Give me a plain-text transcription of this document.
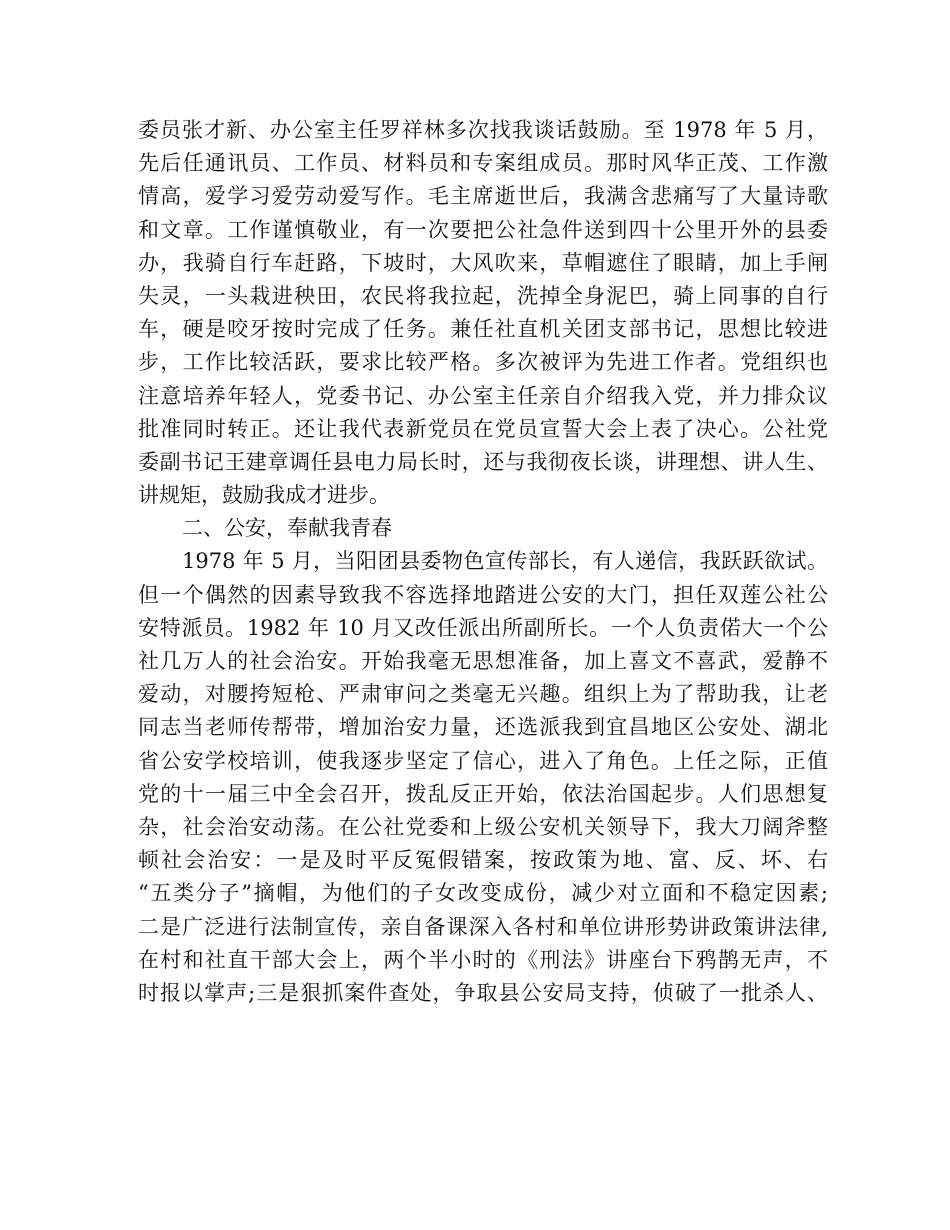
委员张才新、办公室主任罗祥林多次找我谈话鼓励。至 1978 年 5 月，
先后任通讯员、工作员、材料员和专案组成员。那时风华正茂、工作激
情高，爱学习爱劳动爱写作。毛主席逝世后，我满含悲痛写了大量诗歌
和文章。工作谨慎敬业，有一次要把公社急件送到四十公里开外的县委
办，我骑自行车赶路，下坡时，大风吹来，草帽遮住了眼睛，加上手闸
失灵，一头栽进秧田，农民将我拉起，洗掉全身泥巴，骑上同事的自行
车，硬是咬牙按时完成了任务。兼任社直机关团支部书记，思想比较进
步，工作比较活跃，要求比较严格。多次被评为先进工作者。党组织也
注意培养年轻人，党委书记、办公室主任亲自介绍我入党，并力排众议
批准同时转正。还让我代表新党员在党员宣誓大会上表了决心。公社党
委副书记王建章调任县电力局长时，还与我彻夜长谈，讲理想、讲人生、
讲规矩，鼓励我成才进步。
二、公安，奉献我青春
1978 年 5 月，当阳团县委物色宣传部长，有人递信，我跃跃欲试。
但一个偶然的因素导致我不容选择地踏进公安的大门，担任双莲公社公
安特派员。1982 年 10 月又改任派出所副所长。一个人负责偌大一个公
社几万人的社会治安。开始我毫无思想准备，加上喜文不喜武，爱静不
爱动，对腰挎短枪、严肃审问之类毫无兴趣。组织上为了帮助我，让老
同志当老师传帮带，增加治安力量，还选派我到宜昌地区公安处、湖北
省公安学校培训，使我逐步坚定了信心，进入了角色。上任之际，正值
党的十一届三中全会召开，拨乱反正开始，依法治国起步。人们思想复
杂，社会治安动荡。在公社党委和上级公安机关领导下，我大刀阔斧整
顿社会治安：一是及时平反冤假错案，按政策为地、富、反、坏、右
“五类分子”摘帽，为他们的子女改变成份，减少对立面和不稳定因素;
二是广泛进行法制宣传，亲自备课深入各村和单位讲形势讲政策讲法律,
在村和社直干部大会上，两个半小时的《刑法》讲座台下鸦鹊无声，不
时报以掌声;三是狠抓案件查处，争取县公安局支持，侦破了一批杀人、
